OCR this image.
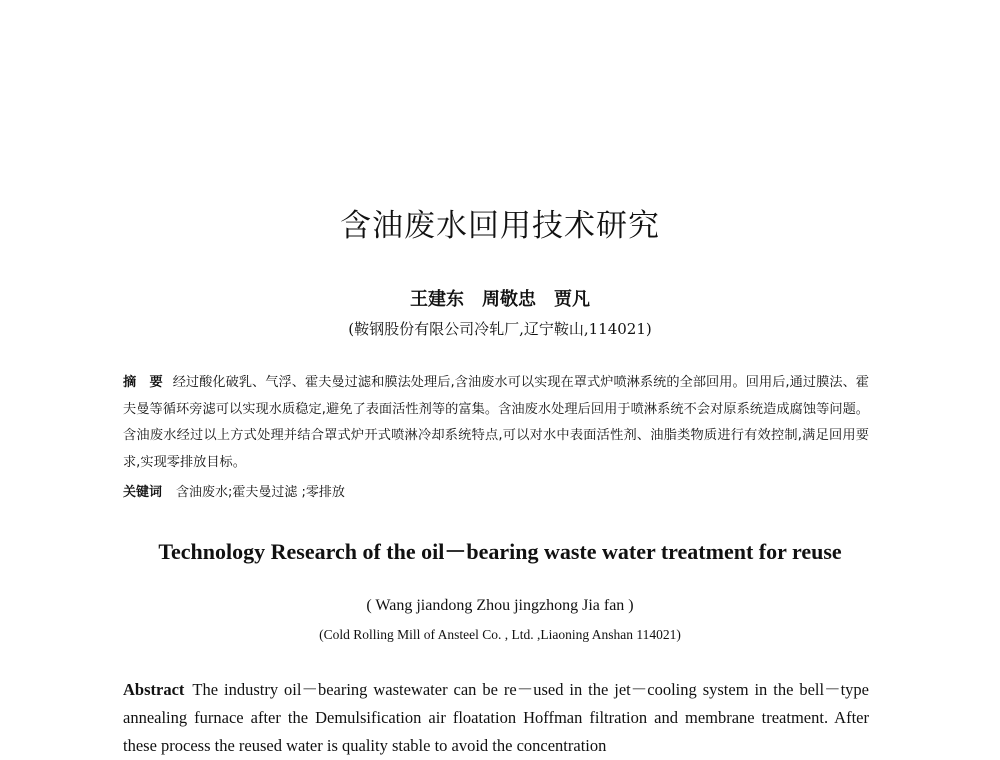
含油废水回用技术研究

王建东　周敬忠　贾凡

(鞍钢股份有限公司冷轧厂,辽宁鞍山,114021)

摘　要 经过酸化破乳、气浮、霍夫曼过滤和膜法处理后,含油废水可以实现在罩式炉喷淋系统的全部回用。回用后,通过膜法、霍夫曼等循环旁滤可以实现水质稳定,避免了表面活性剂等的富集。含油废水处理后回用于喷淋系统不会对原系统造成腐蚀等问题。含油废水经过以上方式处理并结合罩式炉开式喷淋冷却系统特点,可以对水中表面活性剂、油脂类物质进行有效控制,满足回用要求,实现零排放目标。

关键词 含油废水;霍夫曼过滤 ;零排放

Technology Research of the oil－bearing waste water treatment for reuse

( Wang jiandong Zhou jingzhong Jia fan )

(Cold Rolling Mill of Ansteel Co. , Ltd. ,Liaoning Anshan 114021)

Abstract The industry oil－bearing wastewater can be re－used in the jet－cooling system in the bell－type annealing furnace after the Demulsification air floatation Hoffman filtration and membrane treatment. After these process the reused water is quality stable to avoid the concentration
